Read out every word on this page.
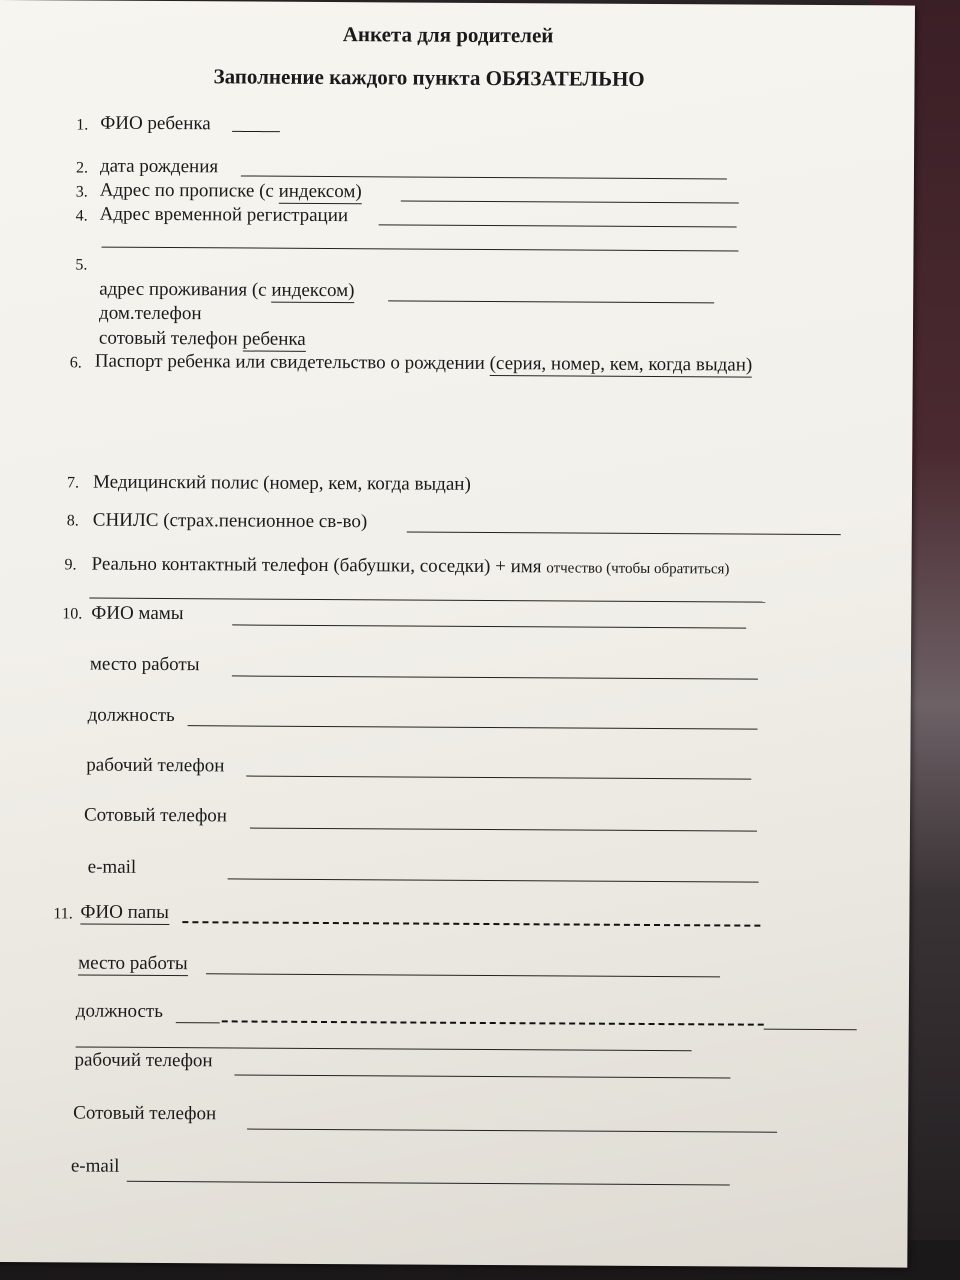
Анкета для родителей
Заполнение каждого пункта ОБЯЗАТЕЛЬНО
1. ФИО ребенка _____
2. дата рождения
3. Адрес по прописке (с индексом)
4. Адрес временной регистрации
5.
адрес проживания (с индексом)
дом.телефон
сотовый телефон ребенка
6. Паспорт ребенка или свидетельство о рождении (серия, номер, кем, когда выдан)
7. Медицинский полис (номер, кем, когда выдан)
8. СНИЛС (страх.пенсионное св-во)
9. Реально контактный телефон (бабушки, соседки) + имя отчество (чтобы обратиться)
10. ФИО мамы
место работы
должность
рабочий телефон
Сотовый телефон
e-mail
11. ФИО папы
место работы
должность
рабочий телефон
Сотовый телефон
e-mail
